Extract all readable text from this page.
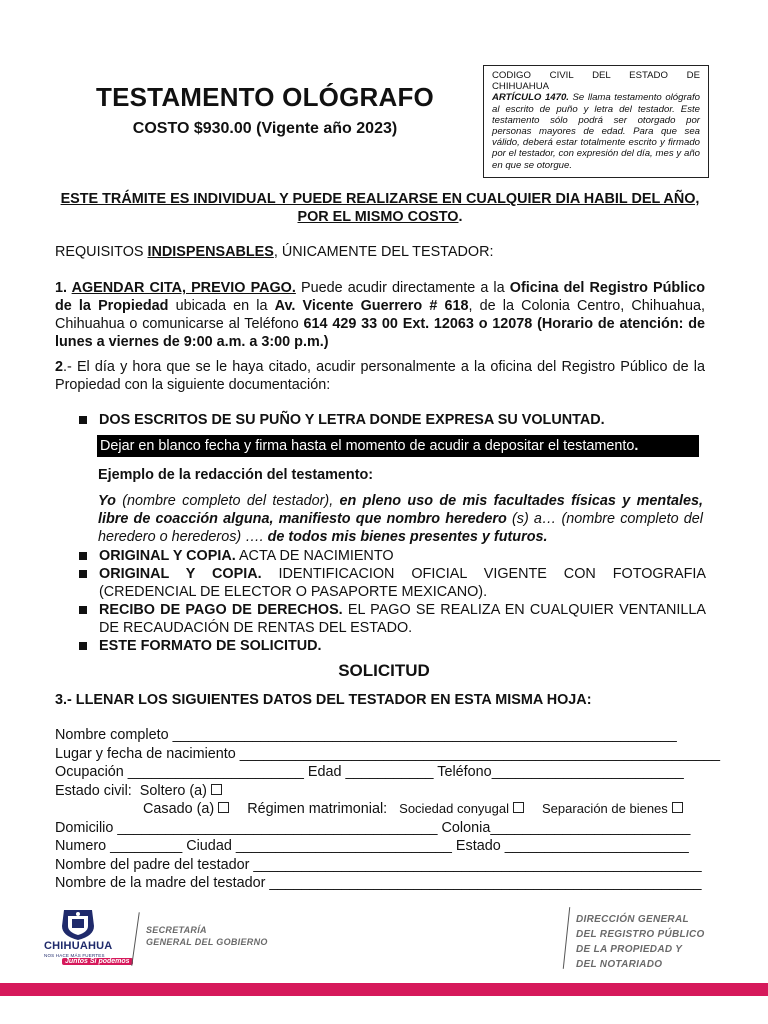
TESTAMENTO OLÓGRAFO
COSTO $930.00 (Vigente año 2023)
CODIGO CIVIL DEL ESTADO DE
CHIHUAHUA
ARTÍCULO 1470. Se llama testamento ológrafo al escrito de puño y letra del testador. Este testamento sólo podrá ser otorgado por personas mayores de edad. Para que sea válido, deberá estar totalmente escrito y firmado por el testador, con expresión del día, mes y año en que se otorgue.
ESTE TRÁMITE ES INDIVIDUAL Y PUEDE REALIZARSE EN CUALQUIER DIA HABIL DEL AÑO, POR EL MISMO COSTO.
REQUISITOS INDISPENSABLES, ÚNICAMENTE DEL TESTADOR:
1. AGENDAR CITA, PREVIO PAGO. Puede acudir directamente a la Oficina del Registro Público de la Propiedad ubicada en la Av. Vicente Guerrero # 618, de la Colonia Centro, Chihuahua, Chihuahua o comunicarse al Teléfono 614 429 33 00 Ext. 12063 o 12078 (Horario de atención: de lunes a viernes de 9:00 a.m. a 3:00 p.m.)
2.- El día y hora que se le haya citado, acudir personalmente a la oficina del Registro Público de la Propiedad con la siguiente documentación:
DOS ESCRITOS DE SU PUÑO Y LETRA DONDE EXPRESA SU VOLUNTAD.
Dejar en blanco fecha y firma hasta el momento de acudir a depositar el testamento.
Ejemplo de la redacción del testamento:
Yo (nombre completo del testador), en pleno uso de mis facultades físicas y mentales, libre de coacción alguna, manifiesto que nombro heredero (s) a… (nombre completo del heredero o herederos) …. de todos mis bienes presentes y futuros.
ORIGINAL Y COPIA. ACTA DE NACIMIENTO
ORIGINAL Y COPIA. IDENTIFICACION OFICIAL VIGENTE CON FOTOGRAFIA (CREDENCIAL DE ELECTOR O PASAPORTE MEXICANO).
RECIBO DE PAGO DE DERECHOS. EL PAGO SE REALIZA EN CUALQUIER VENTANILLA DE RECAUDACIÓN DE RENTAS DEL ESTADO.
ESTE FORMATO DE SOLICITUD.
SOLICITUD
3.- LLENAR LOS SIGUIENTES DATOS DEL TESTADOR EN ESTA MISMA HOJA:
Nombre completo _______________________________________________________________
Lugar y fecha de nacimiento ____________________________________________________________
Ocupación ______________________ Edad ___________ Teléfono________________________
Estado civil: Soltero (a)
Casado (a) Régimen matrimonial: Sociedad conyugal	Separación de bienes
Domicilio ________________________________________ Colonia_________________________
Numero _________ Ciudad ___________________________ Estado _______________________
Nombre del padre del testador ________________________________________________________
Nombre de la madre del testador ______________________________________________________
CHIHUAHUA
NOS HACE MÁS FUERTES
Juntos Sí podemos
SECRETARÍA
GENERAL DEL GOBIERNO
DIRECCIÓN GENERAL
DEL REGISTRO PÚBLICO
DE LA PROPIEDAD Y
DEL NOTARIADO
